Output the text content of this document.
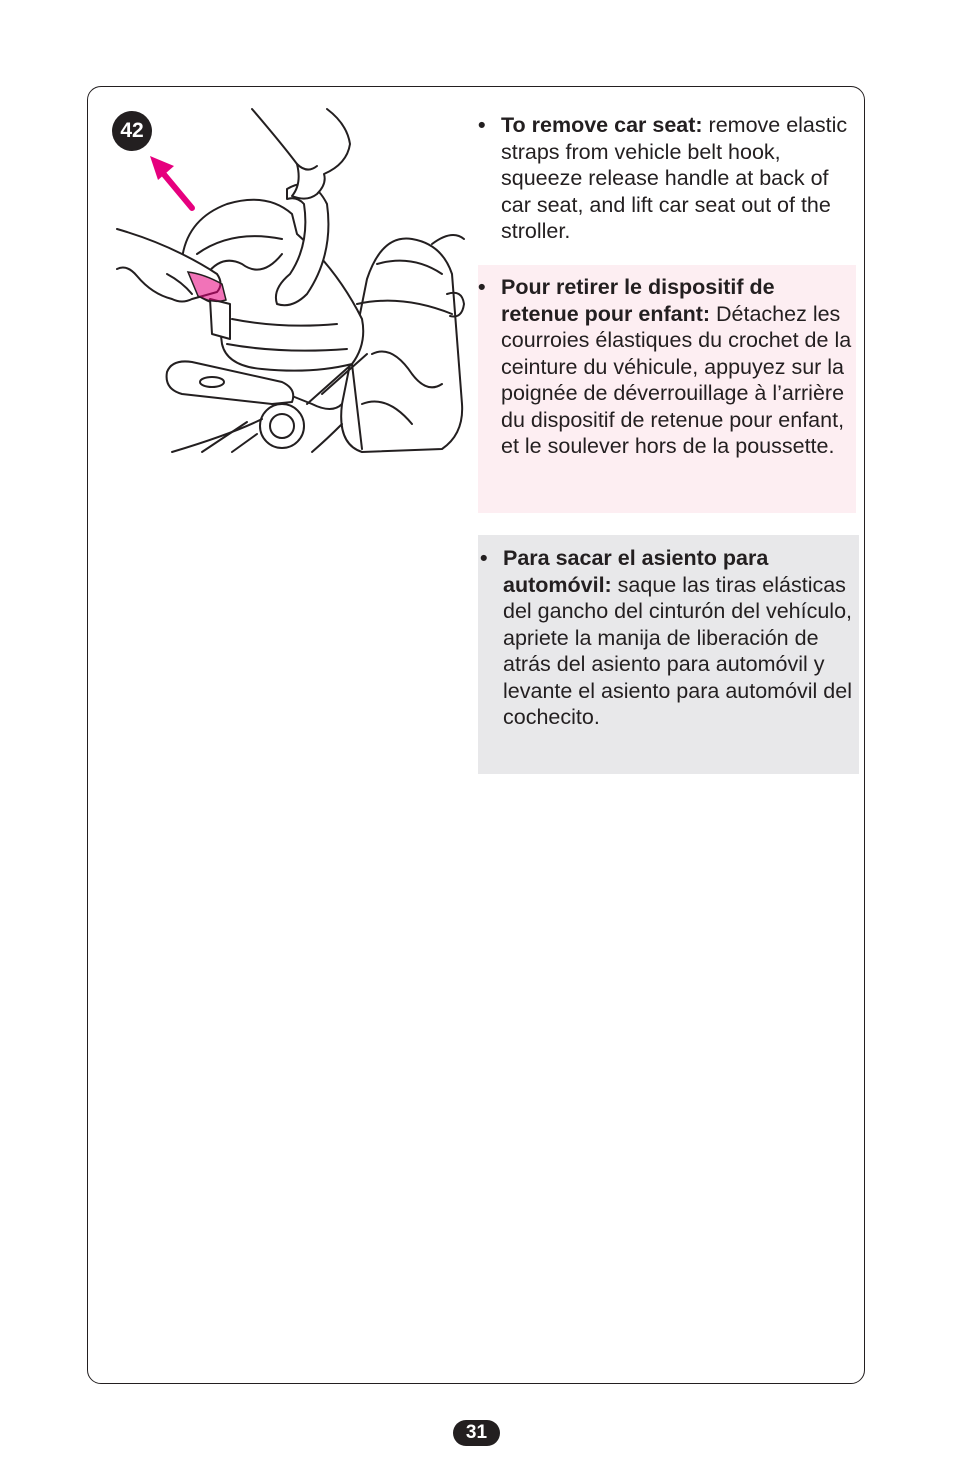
42	• To remove car seat: remove elastic straps from vehicle belt hook, squeeze release handle at back of car seat, and lift car seat out of the stroller.

• Pour retirer le dispositif de retenue pour enfant: Détachez les courroies élastiques du crochet de la ceinture du véhicule, appuyez sur la poignée de déverrouillage à l’arrière du dispositif de retenue pour enfant, et le soulever hors de la poussette.

• Para sacar el asiento para automóvil: saque las tiras elásticas del gancho del cinturón del vehículo, apriete la manija de liberación de atrás del asiento para automóvil y levante el asiento para automóvil del cochecito.

31
